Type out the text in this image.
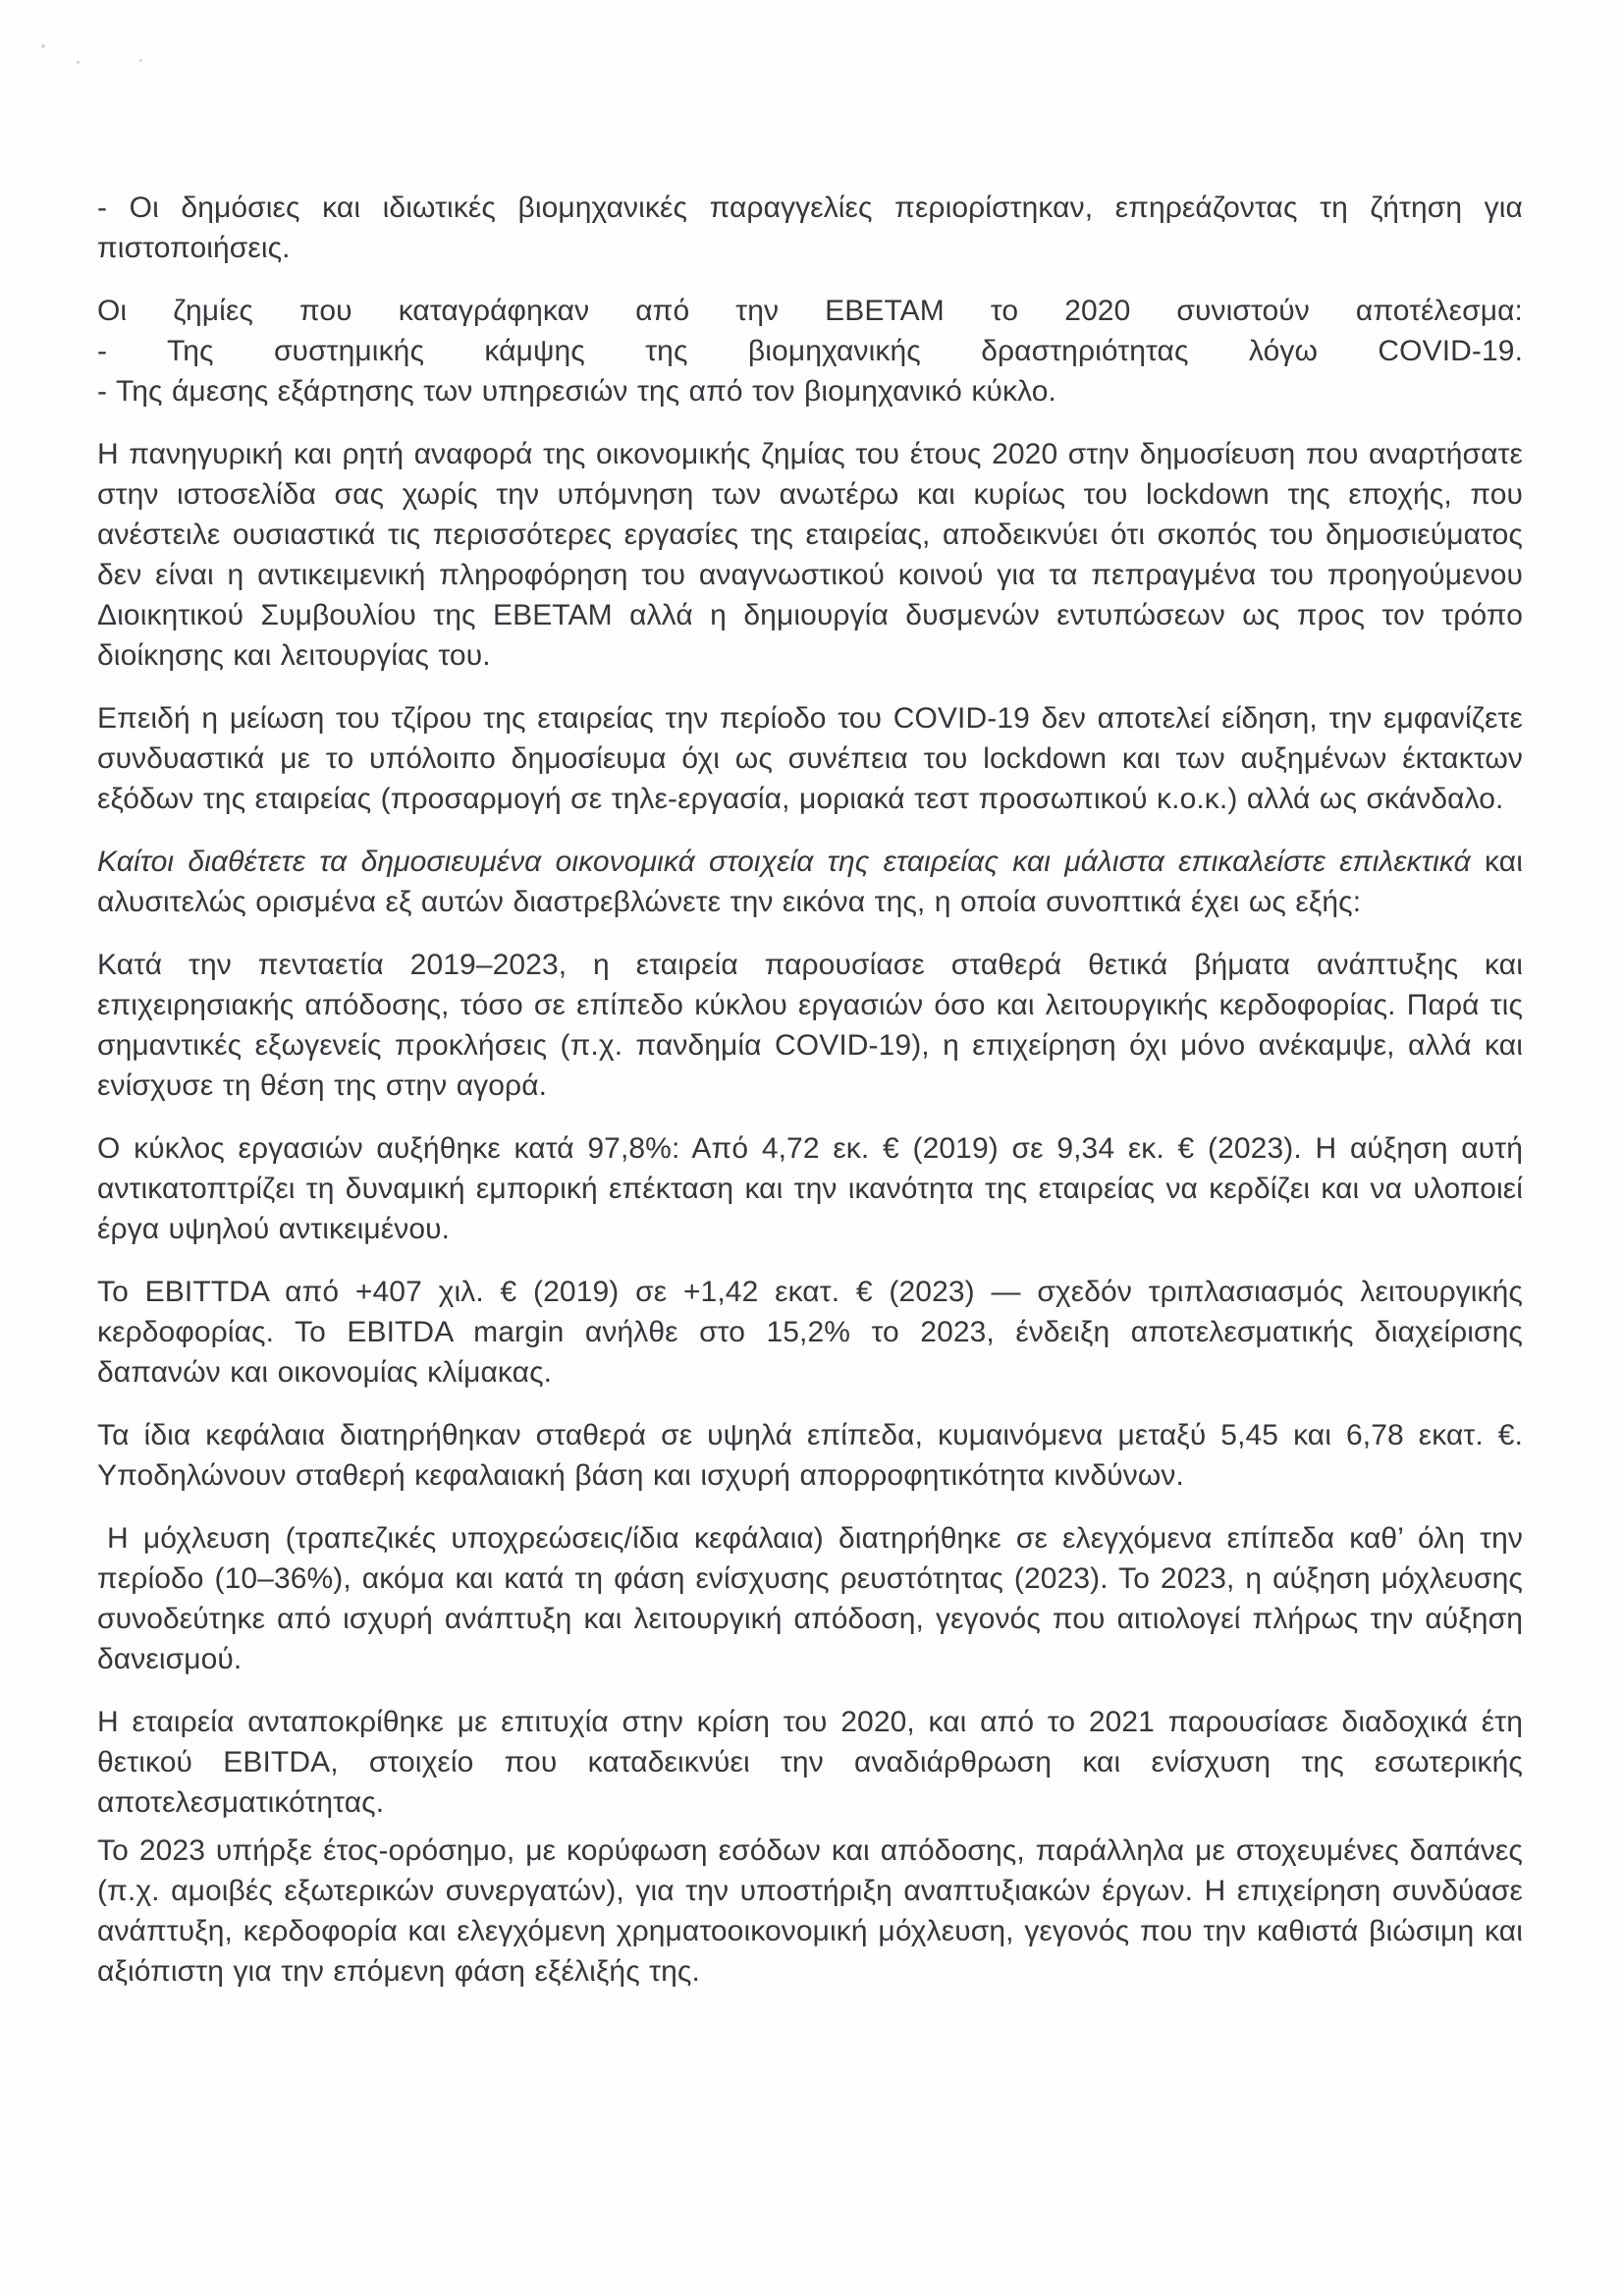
- Οι δημόσιες και ιδιωτικές βιομηχανικές παραγγελίες περιορίστηκαν, επηρεάζοντας τη ζήτηση για πιστοποιήσεις.

Οι ζημίες που καταγράφηκαν από την ΕΒΕΤΑΜ το 2020 συνιστούν αποτέλεσμα:
- Της συστημικής κάμψης της βιομηχανικής δραστηριότητας λόγω COVID-19.
- Της άμεσης εξάρτησης των υπηρεσιών της από τον βιομηχανικό κύκλο.

Η πανηγυρική και ρητή αναφορά της οικονομικής ζημίας του έτους 2020 στην δημοσίευση που αναρτήσατε στην ιστοσελίδα σας χωρίς την υπόμνηση των ανωτέρω και κυρίως του lockdown της εποχής, που ανέστειλε ουσιαστικά τις περισσότερες εργασίες της εταιρείας, αποδεικνύει ότι σκοπός του δημοσιεύματος δεν είναι η αντικειμενική πληροφόρηση του αναγνωστικού κοινού για τα πεπραγμένα του προηγούμενου Διοικητικού Συμβουλίου της ΕΒΕΤΑΜ αλλά η δημιουργία δυσμενών εντυπώσεων ως προς τον τρόπο διοίκησης και λειτουργίας του.

Επειδή η μείωση του τζίρου της εταιρείας την περίοδο του COVID-19 δεν αποτελεί είδηση, την εμφανίζετε συνδυαστικά με το υπόλοιπο δημοσίευμα όχι ως συνέπεια του lockdown και των αυξημένων έκτακτων εξόδων της εταιρείας (προσαρμογή σε τηλε-εργασία, μοριακά τεστ προσωπικού κ.ο.κ.) αλλά ως σκάνδαλο.

Καίτοι διαθέτετε τα δημοσιευμένα οικονομικά στοιχεία της εταιρείας και μάλιστα επικαλείστε επιλεκτικά και αλυσιτελώς ορισμένα εξ αυτών διαστρεβλώνετε την εικόνα της, η οποία συνοπτικά έχει ως εξής:

Κατά την πενταετία 2019–2023, η εταιρεία παρουσίασε σταθερά θετικά βήματα ανάπτυξης και επιχειρησιακής απόδοσης, τόσο σε επίπεδο κύκλου εργασιών όσο και λειτουργικής κερδοφορίας. Παρά τις σημαντικές εξωγενείς προκλήσεις (π.χ. πανδημία COVID-19), η επιχείρηση όχι μόνο ανέκαμψε, αλλά και ενίσχυσε τη θέση της στην αγορά.

Ο κύκλος εργασιών αυξήθηκε κατά 97,8%: Από 4,72 εκ. € (2019) σε 9,34 εκ. € (2023). Η αύξηση αυτή αντικατοπτρίζει τη δυναμική εμπορική επέκταση και την ικανότητα της εταιρείας να κερδίζει και να υλοποιεί έργα υψηλού αντικειμένου.

Το EBITTDA από +407 χιλ. € (2019) σε +1,42 εκατ. € (2023) — σχεδόν τριπλασιασμός λειτουργικής κερδοφορίας. Το EBITDA margin ανήλθε στο 15,2% το 2023, ένδειξη αποτελεσματικής διαχείρισης δαπανών και οικονομίας κλίμακας.

Τα ίδια κεφάλαια διατηρήθηκαν σταθερά σε υψηλά επίπεδα, κυμαινόμενα μεταξύ 5,45 και 6,78 εκατ. €. Υποδηλώνουν σταθερή κεφαλαιακή βάση και ισχυρή απορροφητικότητα κινδύνων.

Η μόχλευση (τραπεζικές υποχρεώσεις/ίδια κεφάλαια) διατηρήθηκε σε ελεγχόμενα επίπεδα καθ’ όλη την περίοδο (10–36%), ακόμα και κατά τη φάση ενίσχυσης ρευστότητας (2023). Το 2023, η αύξηση μόχλευσης συνοδεύτηκε από ισχυρή ανάπτυξη και λειτουργική απόδοση, γεγονός που αιτιολογεί πλήρως την αύξηση δανεισμού.

Η εταιρεία ανταποκρίθηκε με επιτυχία στην κρίση του 2020, και από το 2021 παρουσίασε διαδοχικά έτη θετικού EBITDA, στοιχείο που καταδεικνύει την αναδιάρθρωση και ενίσχυση της εσωτερικής αποτελεσματικότητας.

Το 2023 υπήρξε έτος-ορόσημο, με κορύφωση εσόδων και απόδοσης, παράλληλα με στοχευμένες δαπάνες (π.χ. αμοιβές εξωτερικών συνεργατών), για την υποστήριξη αναπτυξιακών έργων. Η επιχείρηση συνδύασε ανάπτυξη, κερδοφορία και ελεγχόμενη χρηματοοικονομική μόχλευση, γεγονός που την καθιστά βιώσιμη και αξιόπιστη για την επόμενη φάση εξέλιξής της.
